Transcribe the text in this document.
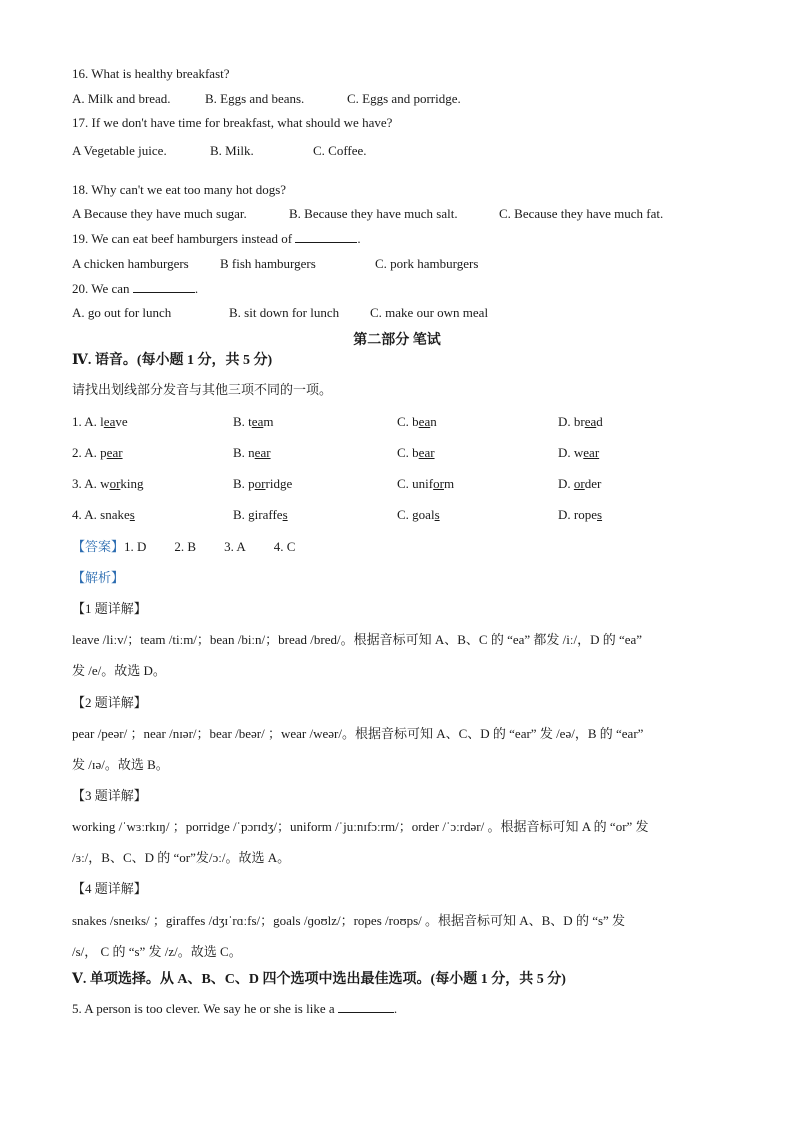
16. What is healthy breakfast?
A. Milk and bread.	B. Eggs and beans.	C. Eggs and porridge.
17. If we don't have time for breakfast, what should we have?
A Vegetable juice.	B. Milk.	C. Coffee.
18. Why can't we eat too many hot dogs?
A Because they have much sugar.	B. Because they have much salt.	C. Because they have much fat.
19. We can eat beef hamburgers instead of	.
A chicken hamburgers B fish hamburgers	C. pork hamburgers
20. We can	.
A. go out for lunch	B. sit down for lunch C. make our own meal
第二部分 笔试
Ⅳ. 语音。(每小题 1 分，共 5 分)
请找出划线部分发音与其他三项不同的一项。
1. A. leave	B. team	C. bean	D. bread
2. A. pear	B. near	C. bear	D. wear
3. A. working	B. porridge	C. uniform	D. order
4. A. snakes	B. giraffes	C. goals	D. ropes
【答案】1. D 2. B 3. A 4. C
【解析】
【1 题详解】
leave /liːv/；team /tiːm/；bean /biːn/；bread /bred/。根据音标可知 A、B、C 的 “ea” 都发 /iː/，D 的 “ea”
发 /e/。故选 D。
【2 题详解】
pear /peər/ ；near /nɪər/；bear /beər/ ；wear /weər/。根据音标可知 A、C、D 的 “ear” 发 /eə/，B 的 “ear”
发 /ɪə/。故选 B。
【3 题详解】
working /ˈwɜːrkɪŋ/ ；porridge /ˈpɔrɪdʒ/；uniform /ˈjuːnɪfɔːrm/；order /ˈɔːrdər/ 。根据音标可知 A 的 “or” 发
/ɜː/，B、C、D 的 “or”发/ɔː/。故选 A。
【4 题详解】
snakes /sneɪks/ ；giraffes /dʒɪˈrɑːfs/；goals /ɡoʊlz/；ropes /roʊps/ 。根据音标可知 A、B、D 的 “s” 发
/s/， C 的 “s” 发 /z/。故选 C。
Ⅴ. 单项选择。从 A、B、C、D 四个选项中选出最佳选项。(每小题 1 分，共 5 分)
5. A person is too clever. We say he or she is like a	.
